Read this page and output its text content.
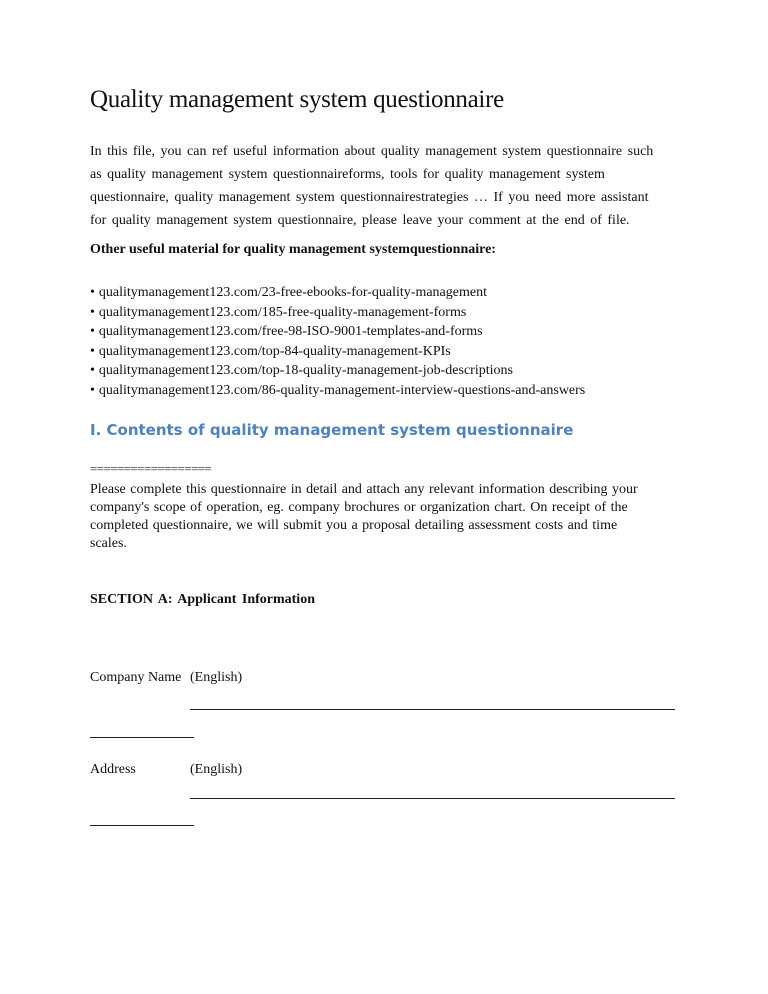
Quality management system questionnaire
In this file, you can ref useful information about quality management system questionnaire such
as quality management system questionnaireforms, tools for quality management system
questionnaire, quality management system questionnairestrategies … If you need more assistant
for quality management system questionnaire, please leave your comment at the end of file.
Other useful material for quality management systemquestionnaire:
• qualitymanagement123.com/23-free-ebooks-for-quality-management
• qualitymanagement123.com/185-free-quality-management-forms
• qualitymanagement123.com/free-98-ISO-9001-templates-and-forms
• qualitymanagement123.com/top-84-quality-management-KPIs
• qualitymanagement123.com/top-18-quality-management-job-descriptions
• qualitymanagement123.com/86-quality-management-interview-questions-and-answers
I. Contents of quality management system questionnaire
==================
Please complete this questionnaire in detail and attach any relevant information describing your
company's scope of operation, eg. company brochures or organization chart. On receipt of the
completed questionnaire, we will submit you a proposal detailing assessment costs and time
scales.
SECTION A: Applicant Information
Company Name (English)
Address	(English)
